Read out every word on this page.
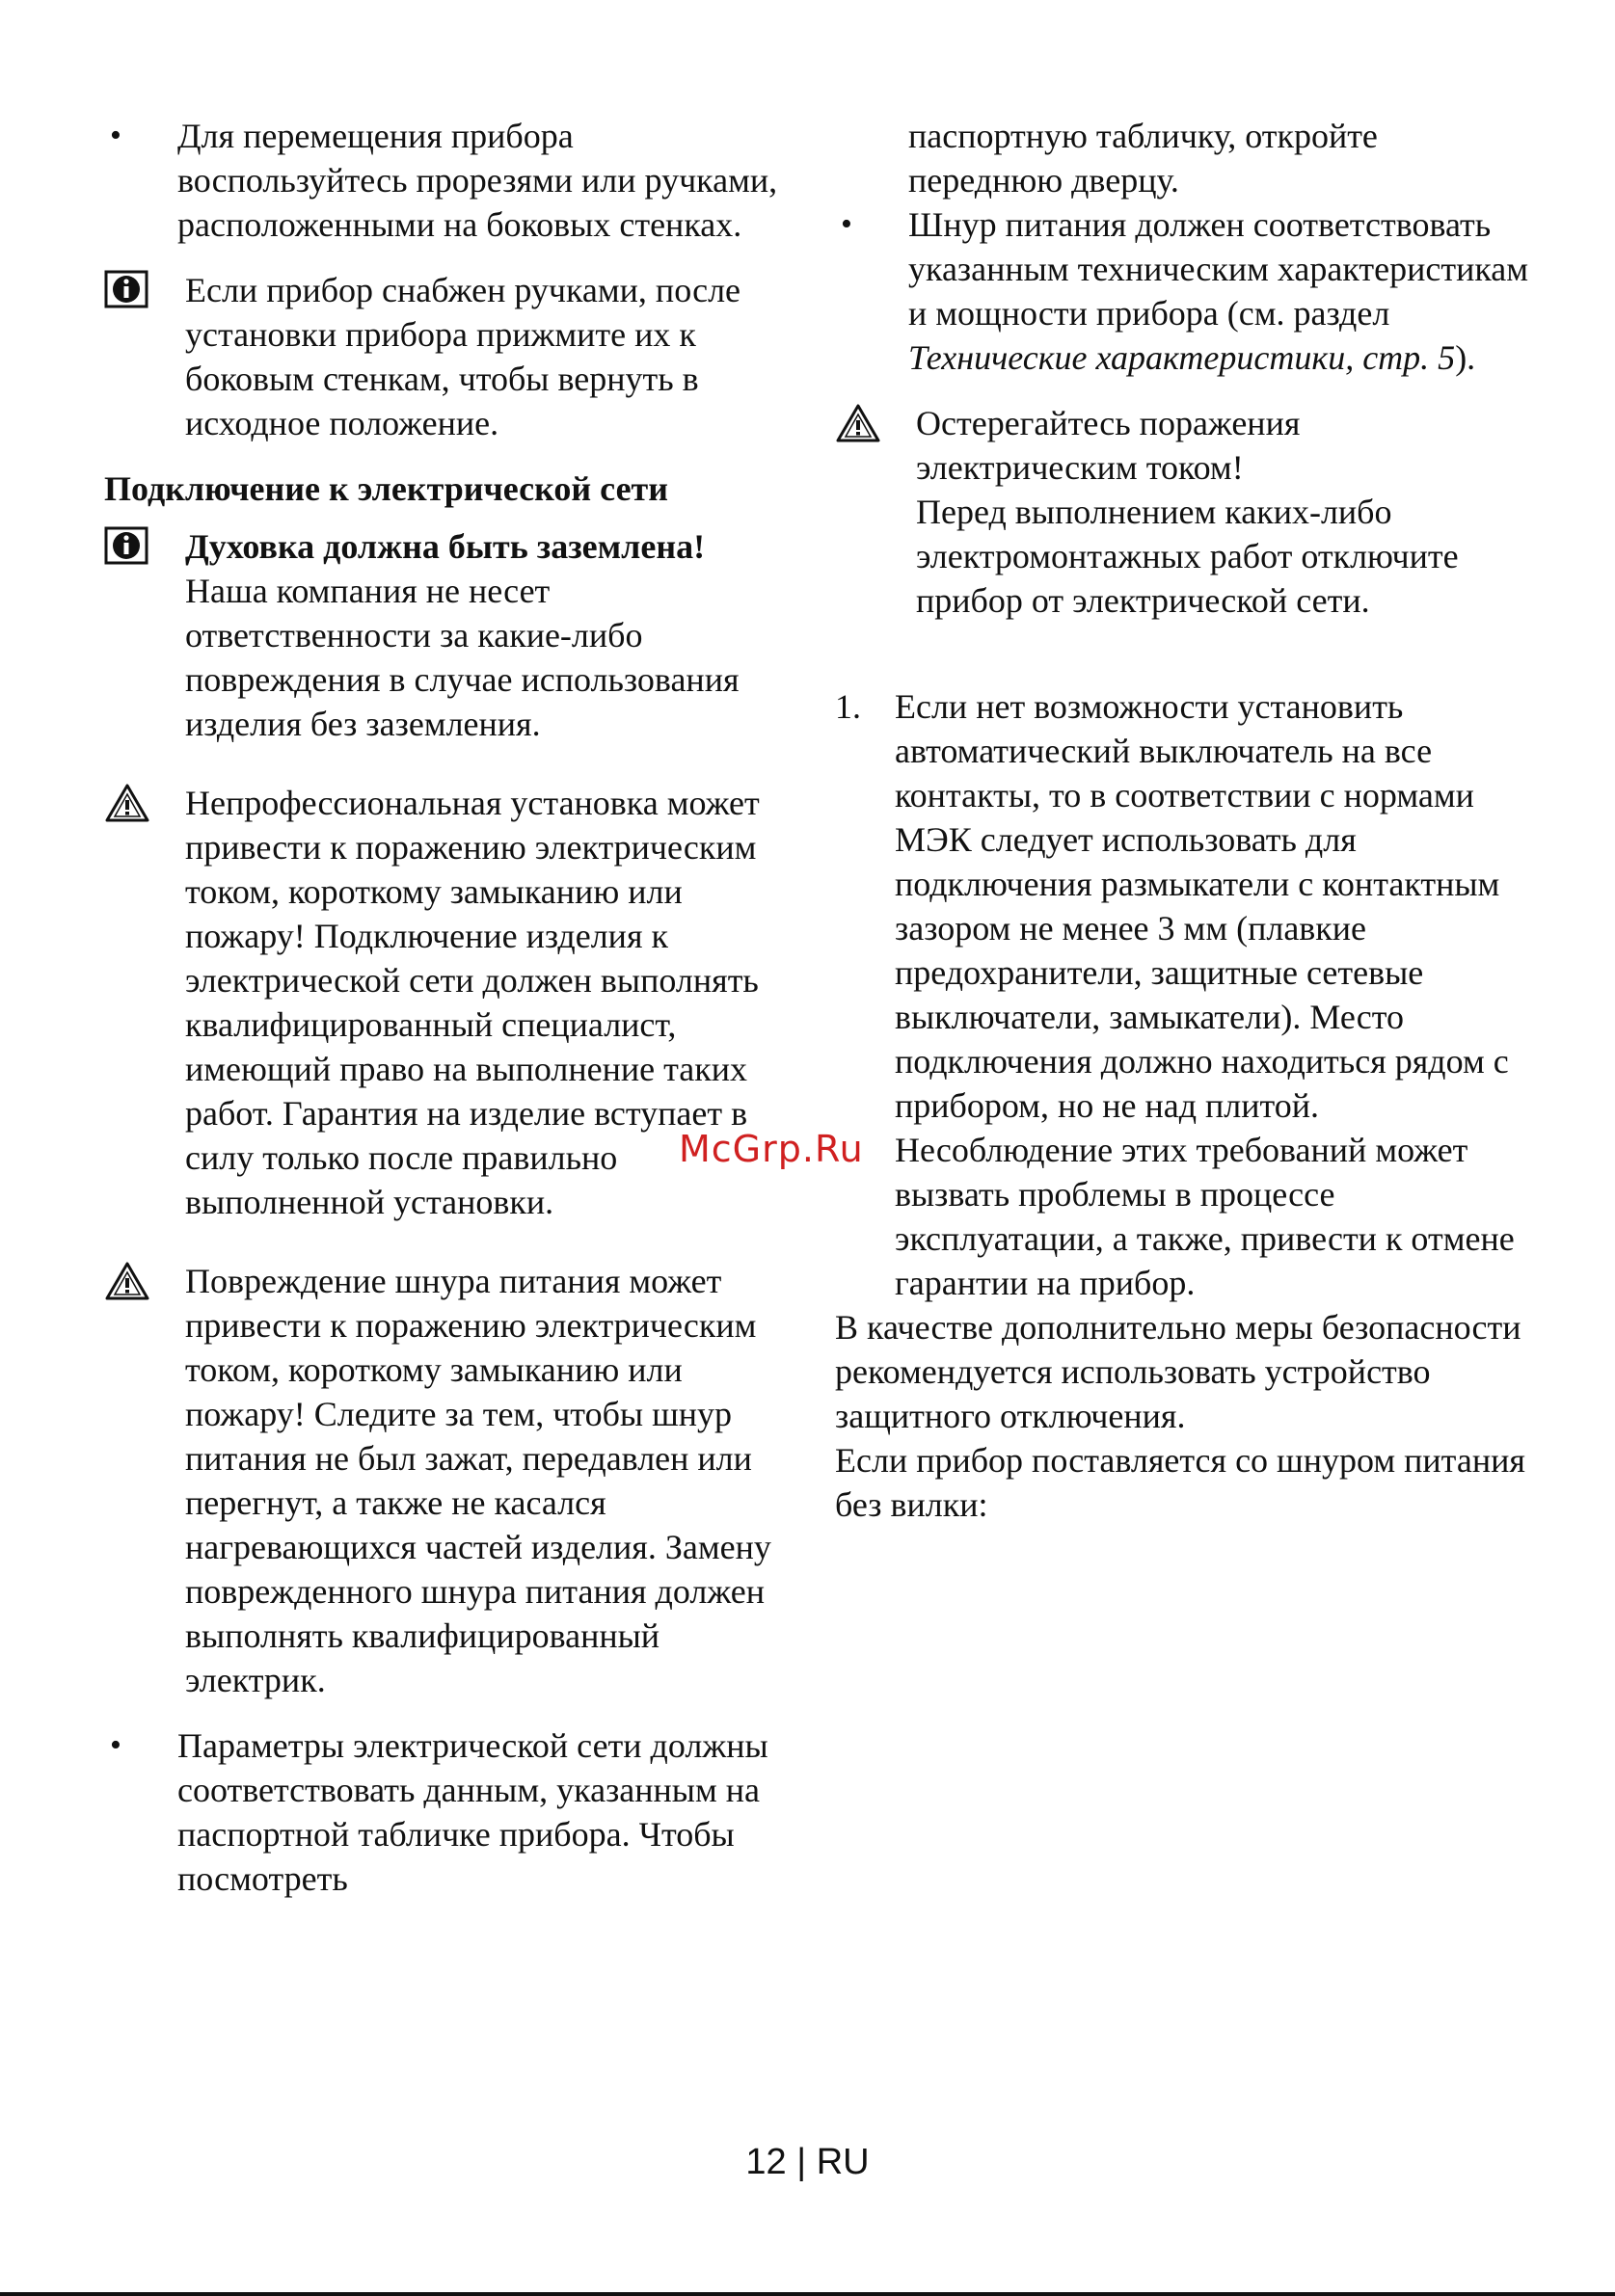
• Для перемещения прибора воспользуйтесь прорезями или ручками, расположенными на боковых стенках.
Если прибор снабжен ручками, после установки прибора прижмите их к боковым стенкам, чтобы вернуть в исходное положение.
Подключение к электрической сети
Духовка должна быть заземлена!
Наша компания не несет ответственности за какие-либо повреждения в случае использования изделия без заземления.
Непрофессиональная установка может привести к поражению электрическим током, короткому замыканию или пожару! Подключение изделия к электрической сети должен выполнять квалифицированный специалист, имеющий право на выполнение таких работ. Гарантия на изделие вступает в силу только после правильно выполненной установки.
Повреждение шнура питания может привести к поражению электрическим током, короткому замыканию или пожару! Следите за тем, чтобы шнур питания не был зажат, передавлен или перегнут, а также не касался нагревающихся частей изделия. Замену поврежденного шнура питания должен выполнять квалифицированный электрик.
• Параметры электрической сети должны соответствовать данным, указанным на паспортной табличке прибора. Чтобы посмотреть
паспортную табличку, откройте переднюю дверцу.
• Шнур питания должен соответствовать указанным техническим характеристикам и мощности прибора (см. раздел Технические характеристики, стр. 5).
Остерегайтесь поражения электрическим током!
Перед выполнением каких-либо электромонтажных работ отключите прибор от электрической сети.
1. Если нет возможности установить автоматический выключатель на все контакты, то в соответствии с нормами МЭК следует использовать для подключения размыкатели с контактным зазором не менее 3 мм (плавкие предохранители, защитные сетевые выключатели, замыкатели). Место подключения должно находиться рядом с прибором, но не над плитой. Несоблюдение этих требований может вызвать проблемы в процессе эксплуатации, а также, привести к отмене гарантии на прибор.
В качестве дополнительно меры безопасности рекомендуется использовать устройство защитного отключения.
Если прибор поставляется со шнуром питания без вилки:
McGrp.Ru
12 | RU
